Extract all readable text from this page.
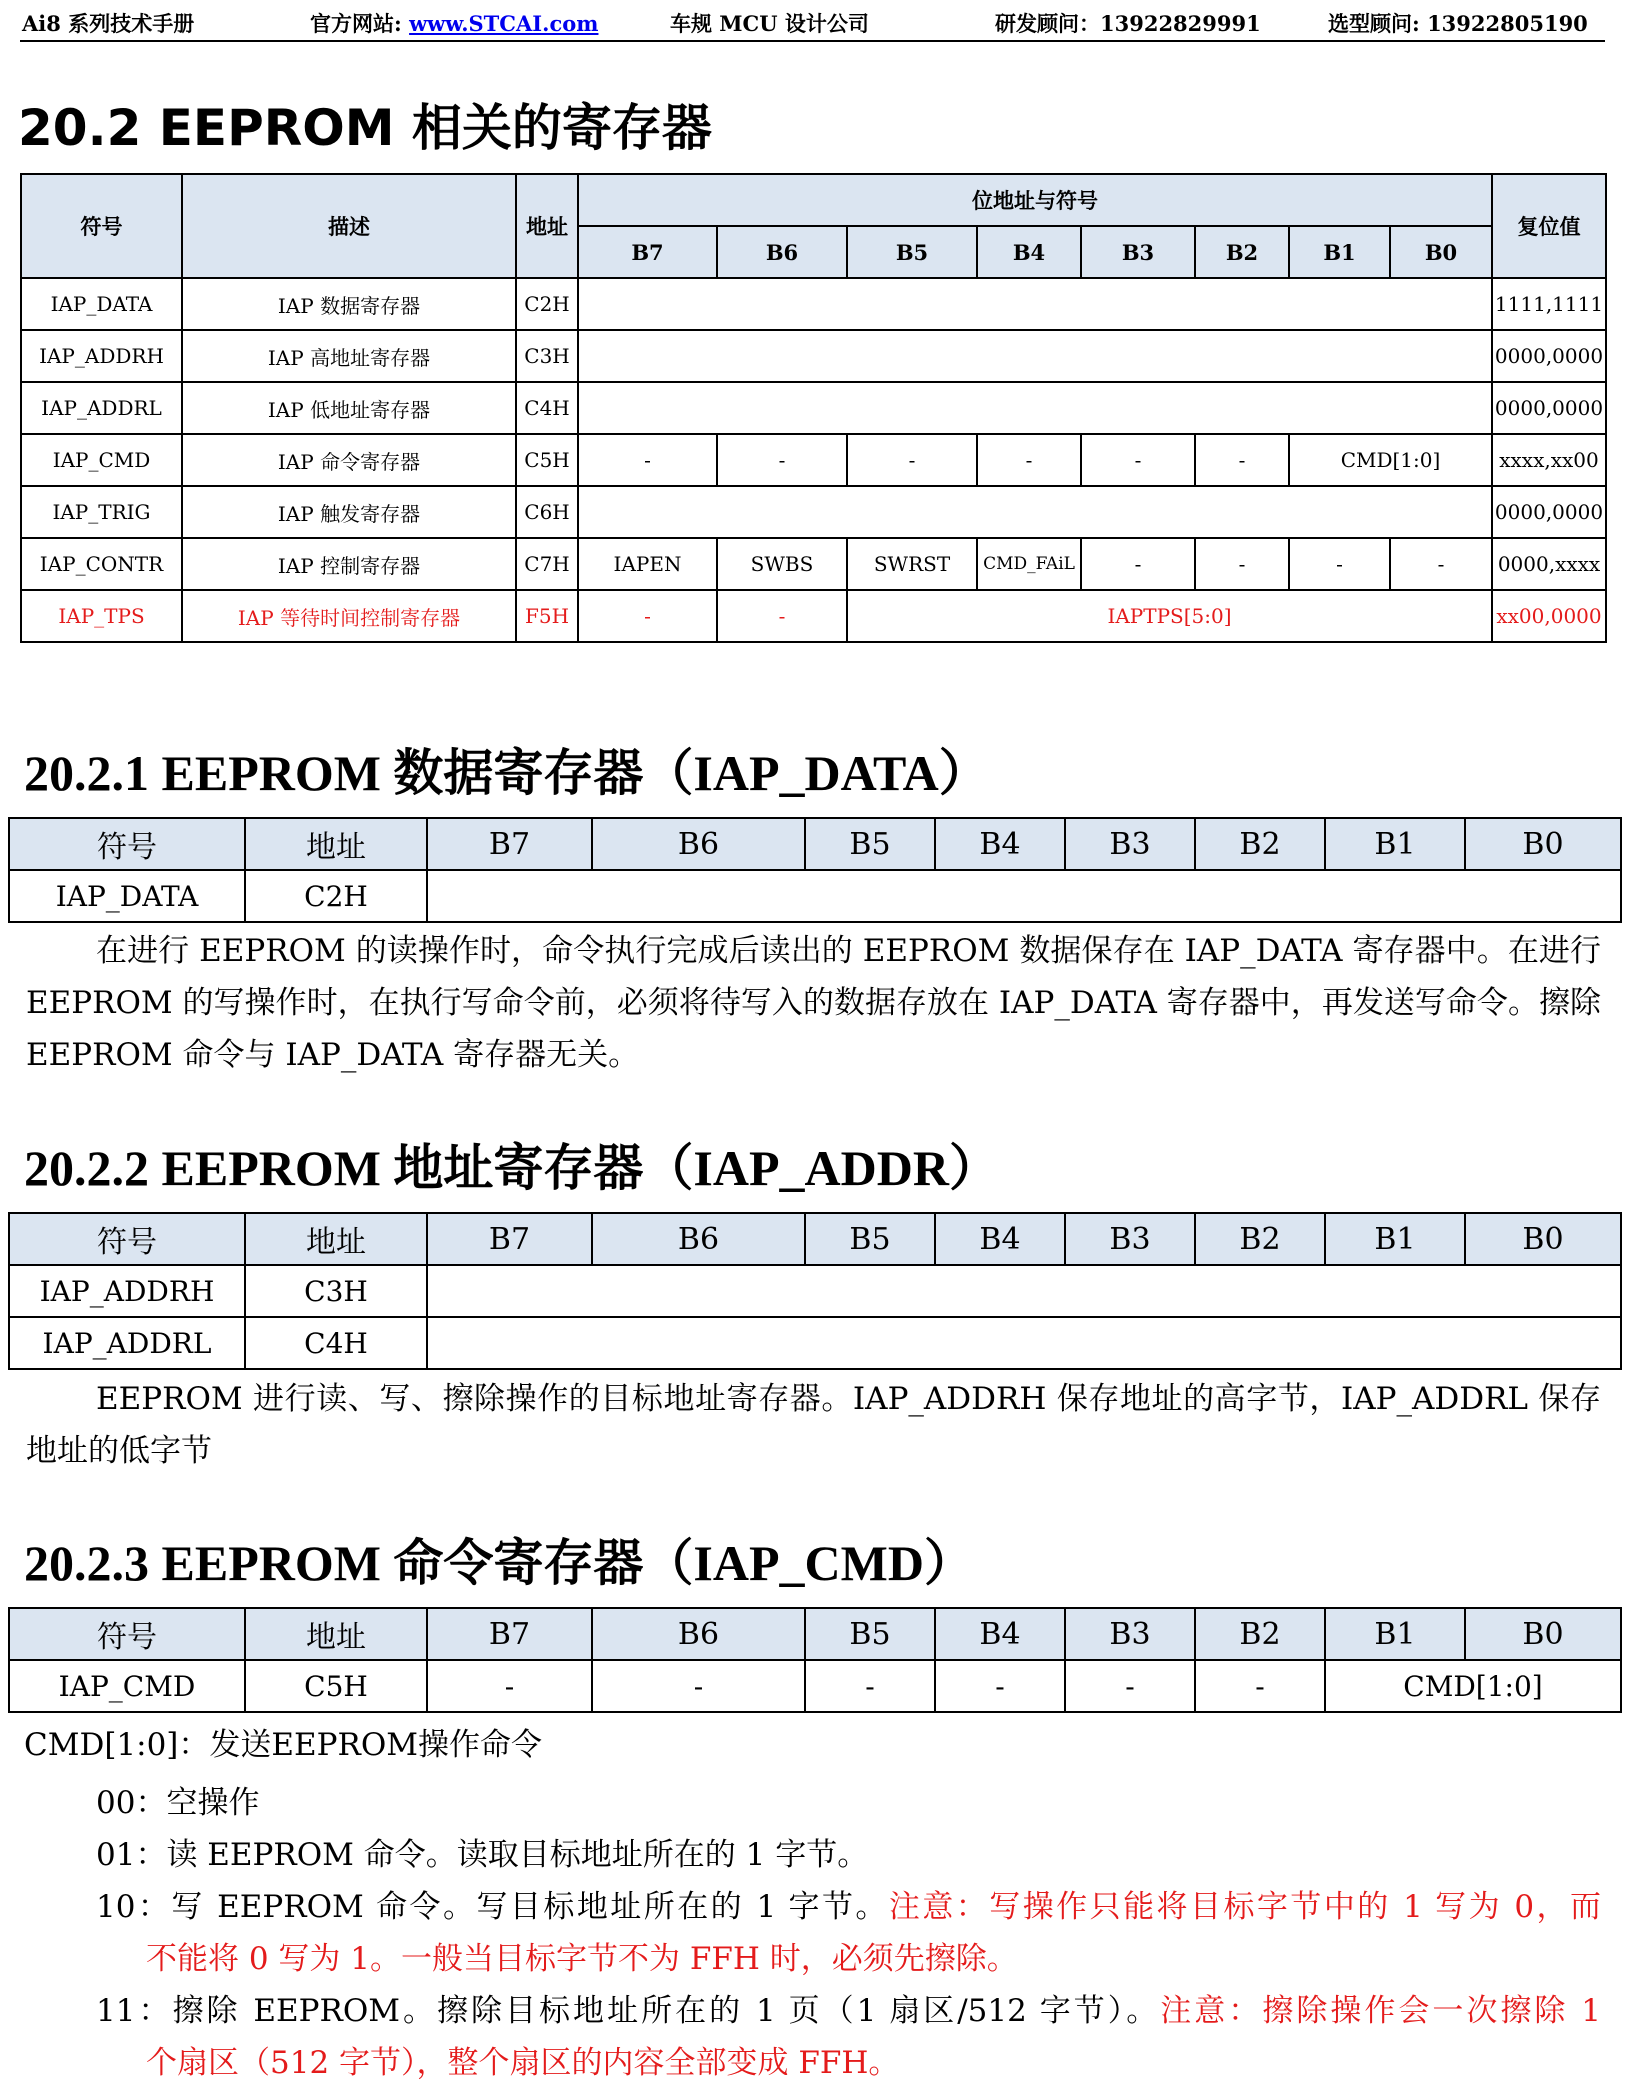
Ai8 系列技术手册	官方网站: www.STCAI.com	车规 MCU 设计公司	研发顾问：13922829991	选型顾问: 13922805190
20.2 EEPROM 相关的寄存器
符号	描述	地址	位地址与符号								复位值
			B7	B6	B5	B4	B3	B2	B1	B0	
IAP_DATA	IAP 数据寄存器	C2H									1111,1111
IAP_ADDRH	IAP 高地址寄存器	C3H									0000,0000
IAP_ADDRL	IAP 低地址寄存器	C4H									0000,0000
IAP_CMD	IAP 命令寄存器	C5H	-	-	-	-	-	-	CMD[1:0]		xxxx,xx00
IAP_TRIG	IAP 触发寄存器	C6H									0000,0000
IAP_CONTR	IAP 控制寄存器	C7H	IAPEN	SWBS	SWRST	CMD_FAiL	-	-	-	-	0000,xxxx
IAP_TPS	IAP 等待时间控制寄存器	F5H	-	-	IAPTPS[5:0]						xx00,0000
20.2.1 EEPROM 数据寄存器（IAP_DATA）
符号	地址	B7	B6	B5	B4	B3	B2	B1	B0
IAP_DATA	C2H								

在进行 EEPROM 的读操作时，命令执行完成后读出的 EEPROM 数据保存在 IAP_DATA 寄存器中。在进行 EEPROM 的写操作时，在执行写命令前，必须将待写入的数据存放在 IAP_DATA 寄存器中，再发送写命令。擦除 EEPROM 命令与 IAP_DATA 寄存器无关。

20.2.2 EEPROM 地址寄存器（IAP_ADDR）
符号	地址	B7	B6	B5	B4	B3	B2	B1	B0
IAP_ADDRH	C3H								
IAP_ADDRL	C4H								

EEPROM 进行读、写、擦除操作的目标地址寄存器。IAP_ADDRH 保存地址的高字节，IAP_ADDRL 保存地址的低字节

20.2.3 EEPROM 命令寄存器（IAP_CMD）
符号	地址	B7	B6	B5	B4	B3	B2	B1	B0
IAP_CMD	C5H	-	-	-	-	-	-	CMD[1:0]	

CMD[1:0]：发送EEPROM操作命令

00：空操作

01：读 EEPROM 命令。读取目标地址所在的 1 字节。

10：写 EEPROM 命令。写目标地址所在的 1 字节。注意：写操作只能将目标字节中的 1 写为 0，而

不能将 0 写为 1。一般当目标字节不为 FFH 时，必须先擦除。

11：擦除 EEPROM。擦除目标地址所在的 1 页（1 扇区/512 字节）。注意：擦除操作会一次擦除 1

个扇区（512 字节），整个扇区的内容全部变成 FFH。
